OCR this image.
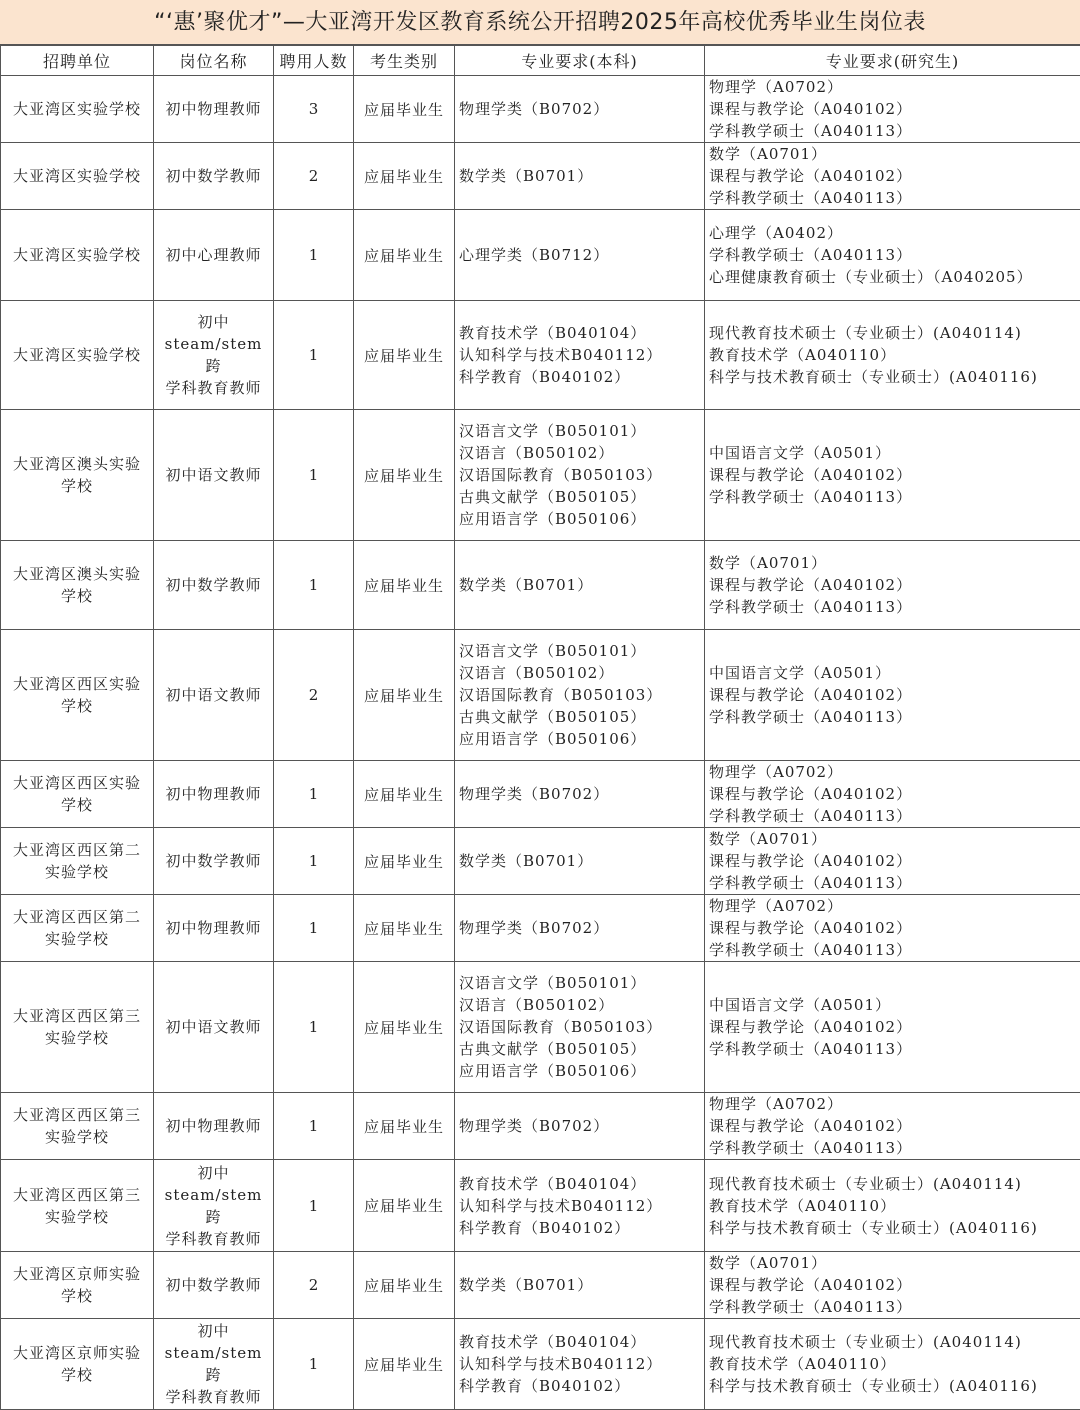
“‘惠’聚优才”—大亚湾开发区教育系统公开招聘2025年高校优秀毕业生岗位表
招聘单位	岗位名称	聘用人数	考生类别	专业要求(本科)	专业要求(研究生)

大亚湾区实验学校	初中物理教师	3	应届毕业生	物理学类（B0702）	物理学（A0702）
课程与教学论（A040102）
学科教学硕士（A040113）

大亚湾区实验学校	初中数学教师	2	应届毕业生	数学类（B0701）	数学（A0701）
课程与教学论（A040102）
学科教学硕士（A040113）

大亚湾区实验学校	初中心理教师	1	应届毕业生	心理学类（B0712）	心理学（A0402）
学科教学硕士（A040113）
心理健康教育硕士（专业硕士）（A040205）

大亚湾区实验学校	初中
steam/stem跨
学科教育教师	1	应届毕业生	教育技术学（B040104）
认知科学与技术B040112）
科学教育（B040102）	现代教育技术硕士（专业硕士）(A040114)
教育技术学（A040110）
科学与技术教育硕士（专业硕士）(A040116)

大亚湾区澳头实验
学校	初中语文教师	1	应届毕业生	汉语言文学（B050101）
汉语言（B050102）
汉语国际教育（B050103）
古典文献学（B050105）
应用语言学（B050106）	中国语言文学（A0501）
课程与教学论（A040102）
学科教学硕士（A040113）

大亚湾区澳头实验
学校	初中数学教师	1	应届毕业生	数学类（B0701）	数学（A0701）
课程与教学论（A040102）
学科教学硕士（A040113）

大亚湾区西区实验
学校	初中语文教师	2	应届毕业生	汉语言文学（B050101）
汉语言（B050102）
汉语国际教育（B050103）
古典文献学（B050105）
应用语言学（B050106）	中国语言文学（A0501）
课程与教学论（A040102）
学科教学硕士（A040113）

大亚湾区西区实验
学校	初中物理教师	1	应届毕业生	物理学类（B0702）	物理学（A0702）
课程与教学论（A040102）
学科教学硕士（A040113）

大亚湾区西区第二
实验学校	初中数学教师	1	应届毕业生	数学类（B0701）	数学（A0701）
课程与教学论（A040102）
学科教学硕士（A040113）

大亚湾区西区第二
实验学校	初中物理教师	1	应届毕业生	物理学类（B0702）	物理学（A0702）
课程与教学论（A040102）
学科教学硕士（A040113）

大亚湾区西区第三
实验学校	初中语文教师	1	应届毕业生	汉语言文学（B050101）
汉语言（B050102）
汉语国际教育（B050103）
古典文献学（B050105）
应用语言学（B050106）	中国语言文学（A0501）
课程与教学论（A040102）
学科教学硕士（A040113）

大亚湾区西区第三
实验学校	初中物理教师	1	应届毕业生	物理学类（B0702）	物理学（A0702）
课程与教学论（A040102）
学科教学硕士（A040113）

大亚湾区西区第三
实验学校	初中
steam/stem跨
学科教育教师	1	应届毕业生	教育技术学（B040104）
认知科学与技术B040112）
科学教育（B040102）	现代教育技术硕士（专业硕士）(A040114)
教育技术学（A040110）
科学与技术教育硕士（专业硕士）(A040116)

大亚湾区京师实验
学校	初中数学教师	2	应届毕业生	数学类（B0701）	数学（A0701）
课程与教学论（A040102）
学科教学硕士（A040113）

大亚湾区京师实验
学校	初中
steam/stem跨
学科教育教师	1	应届毕业生	教育技术学（B040104）
认知科学与技术B040112）
科学教育（B040102）	现代教育技术硕士（专业硕士）(A040114)
教育技术学（A040110）
科学与技术教育硕士（专业硕士）(A040116)
